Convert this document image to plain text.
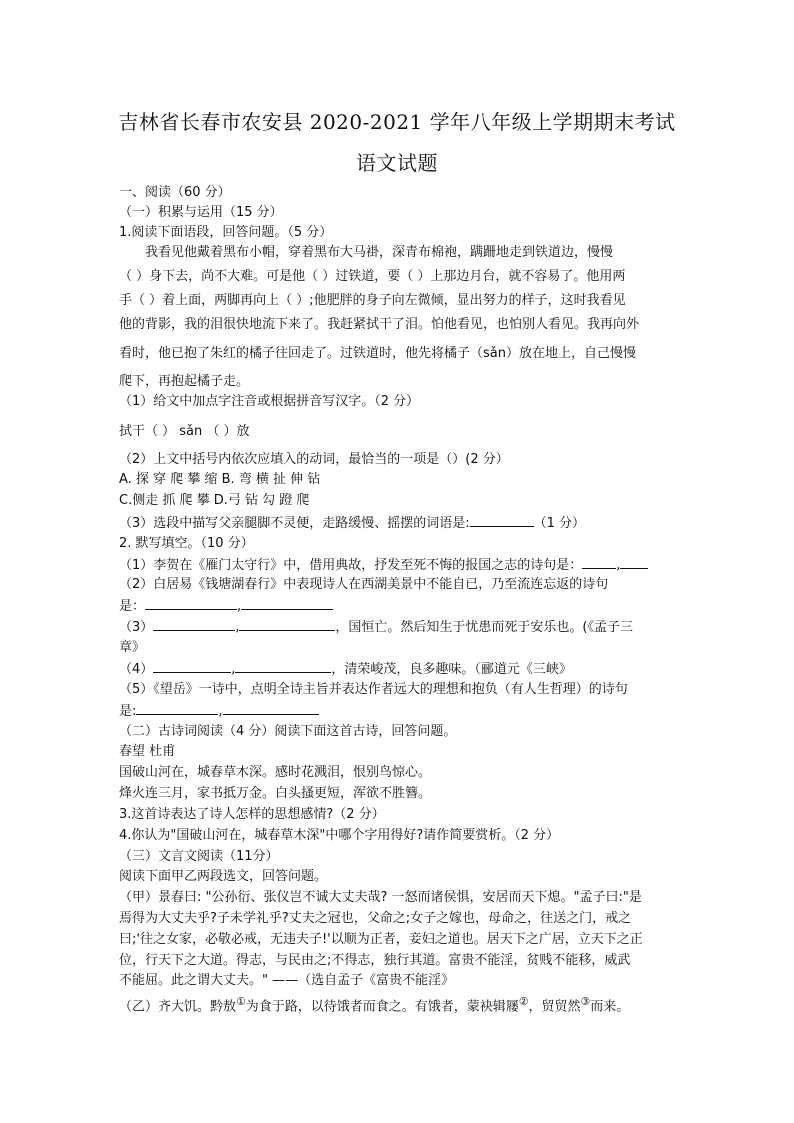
吉林省长春市农安县 2020-2021 学年八年级上学期期末考试
语文试题
一、阅读（60 分）
（一）积累与运用（15 分）
1.阅读下面语段，回答问题。（5 分）
我看见他戴着黑布小帽，穿着黑布大马褂，深青布棉袍，蹒跚地走到铁道边，慢慢
（ ）身下去，尚不大难。可是他（ ）过铁道，要（ ）上那边月台，就不容易了。他用两
手（ ）着上面，两脚再向上（ ）;他肥胖的身子向左微倾，显出努力的样子，这时我看见
他的背影，我的泪很快地流下来了。我赶紧拭干了泪。怕他看见，也怕别人看见。我再向外
看时，他已抱了朱红的橘子往回走了。过铁道时，他先将橘子（sǎn）放在地上，自己慢慢
爬下，再抱起橘子走。
（1）给文中加点字注音或根据拼音写汉字。（2 分）
拭干（ ） sǎn （ ）放
（2）上文中括号内依次应填入的动词，最恰当的一项是（）(2 分）
A. 探 穿 爬 攀 缩 B. 弯 横 扯 伸 钻
C.侧走 抓 爬 攀 D.弓 钻 勾 蹬 爬
（3）选段中描写父亲腿脚不灵便，走路缓慢、摇摆的词语是:	（1 分）
2. 默写填空。（10 分）
（1）李贺在《雁门太守行》中，借用典故，抒发至死不悔的报国之志的诗句是：	,
（2）白居易《钱塘湖春行》中表现诗人在西湖美景中不能自已，乃至流连忘返的诗句
是：	,
（3）	,	，国恒亡。然后知生于忧患而死于安乐也。(《孟子三
章》
（4）	,	，清荣峻茂，良多趣味。（郦道元《三峡》
（5）《望岳》一诗中，点明全诗主旨并表达作者远大的理想和抱负（有人生哲理）的诗句
是:	,
（二）古诗词阅读（4 分）阅读下面这首古诗，回答问题。
春望 杜甫
国破山河在，城春草木深。感时花溅泪，恨别鸟惊心。
烽火连三月，家书抵万金。白头搔更短，浑欲不胜簪。
3.这首诗表达了诗人怎样的思想感情?（2 分）
4.你认为"国破山河在，城春草木深"中哪个字用得好?请作简要赏析。（2 分）
（三）文言文阅读（11分）
阅读下面甲乙两段选文，回答问题。
（甲）景春曰: "公孙衍、张仪岂不诚大丈夫哉? 一怒而诸侯惧，安居而天下熄。"孟子曰:"是
焉得为大丈夫乎?子未学礼乎?丈夫之冠也，父命之;女子之嫁也，母命之，往送之门，戒之
曰;'往之女家，必敬必戒，无违夫子!'以顺为正者，妾妇之道也。居天下之广居，立天下之正
位，行天下之大道。得志，与民由之;不得志，独行其道。富贵不能淫，贫贱不能移，威武
不能屈。此之谓大丈夫。" ——（选自孟子《富贵不能淫》
（乙）齐大饥。黔敖①为食于路，以待饿者而食之。有饿者，蒙袂辑屦②，贸贸然③而来。
